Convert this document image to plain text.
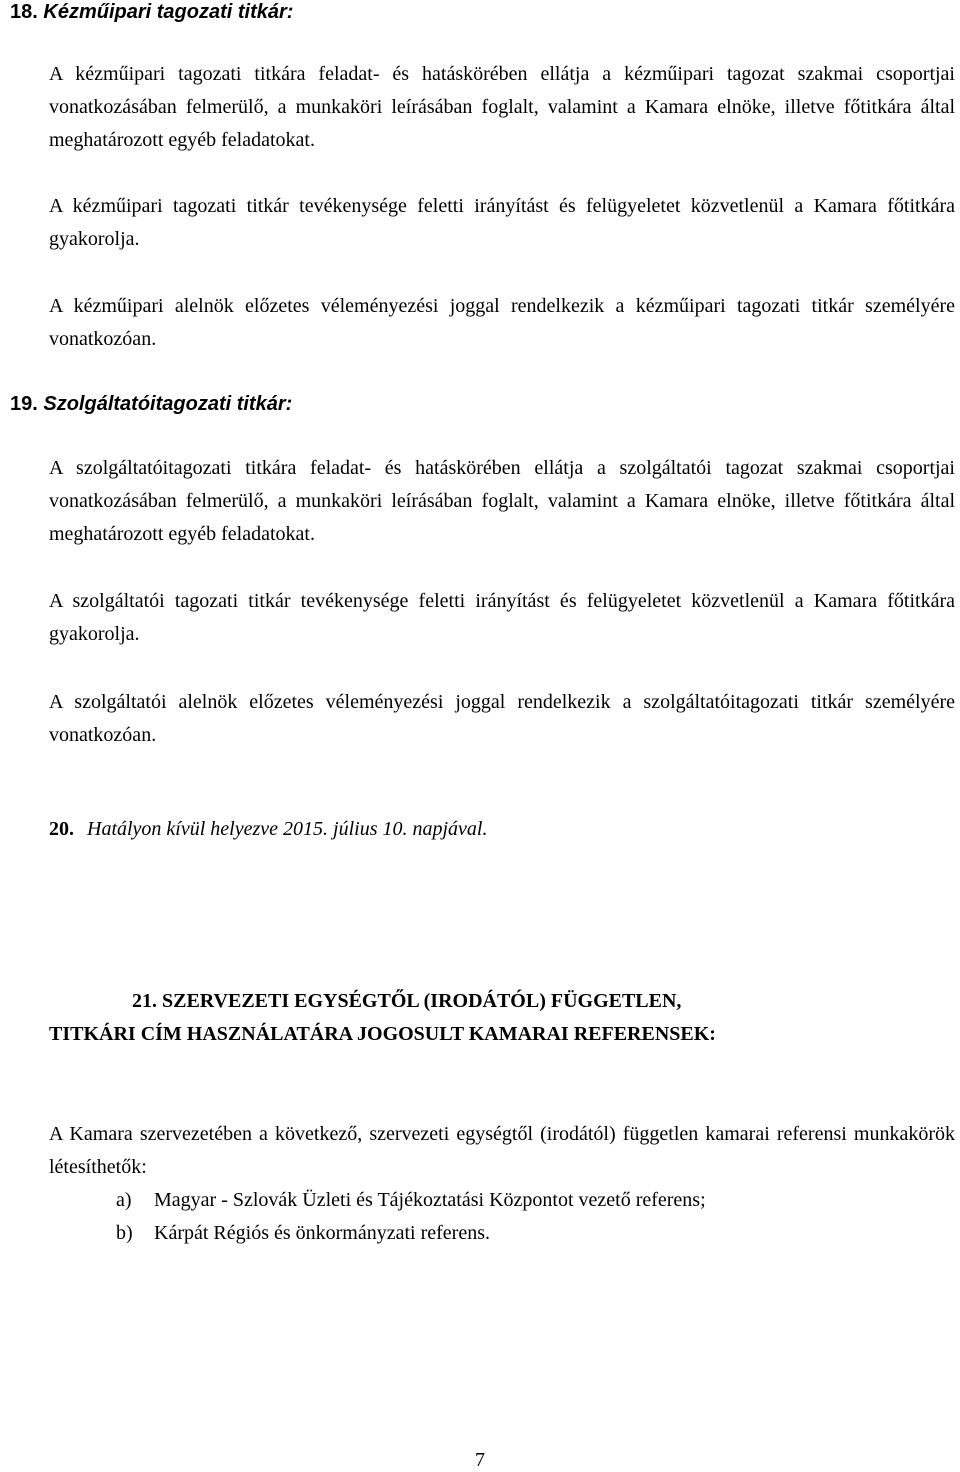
18. Kézműipari tagozati titkár:
A kézműipari tagozati titkára feladat- és hatáskörében ellátja a kézműipari tagozat szakmai csoportjai vonatkozásában felmerülő, a munkaköri leírásában foglalt, valamint a Kamara elnöke, illetve főtitkára által meghatározott egyéb feladatokat.
A kézműipari tagozati titkár tevékenysége feletti irányítást és felügyeletet közvetlenül a Kamara főtitkára gyakorolja.
A kézműipari alelnök előzetes véleményezési joggal rendelkezik a kézműipari tagozati titkár személyére vonatkozóan.
19. Szolgáltatóitagozati titkár:
A szolgáltatóitagozati titkára feladat- és hatáskörében ellátja a szolgáltatói tagozat szakmai csoportjai vonatkozásában felmerülő, a munkaköri leírásában foglalt, valamint a Kamara elnöke, illetve főtitkára által meghatározott egyéb feladatokat.
A szolgáltatói tagozati titkár tevékenysége feletti irányítást és felügyeletet közvetlenül a Kamara főtitkára gyakorolja.
A szolgáltatói alelnök előzetes véleményezési joggal rendelkezik a szolgáltatóitagozati titkár személyére vonatkozóan.
20. Hatályon kívül helyezve 2015. július 10. napjával.
21. SZERVEZETI EGYSÉGTŐL (IRODÁTÓL) FÜGGETLEN,
TITKÁRI CÍM HASZNÁLATÁRA JOGOSULT KAMARAI REFERENSEK:
A Kamara szervezetében a következő, szervezeti egységtől (irodától) független kamarai referensi munkakörök létesíthetők:
a) Magyar - Szlovák Üzleti és Tájékoztatási Központot vezető referens;
b) Kárpát Régiós és önkormányzati referens.
7
